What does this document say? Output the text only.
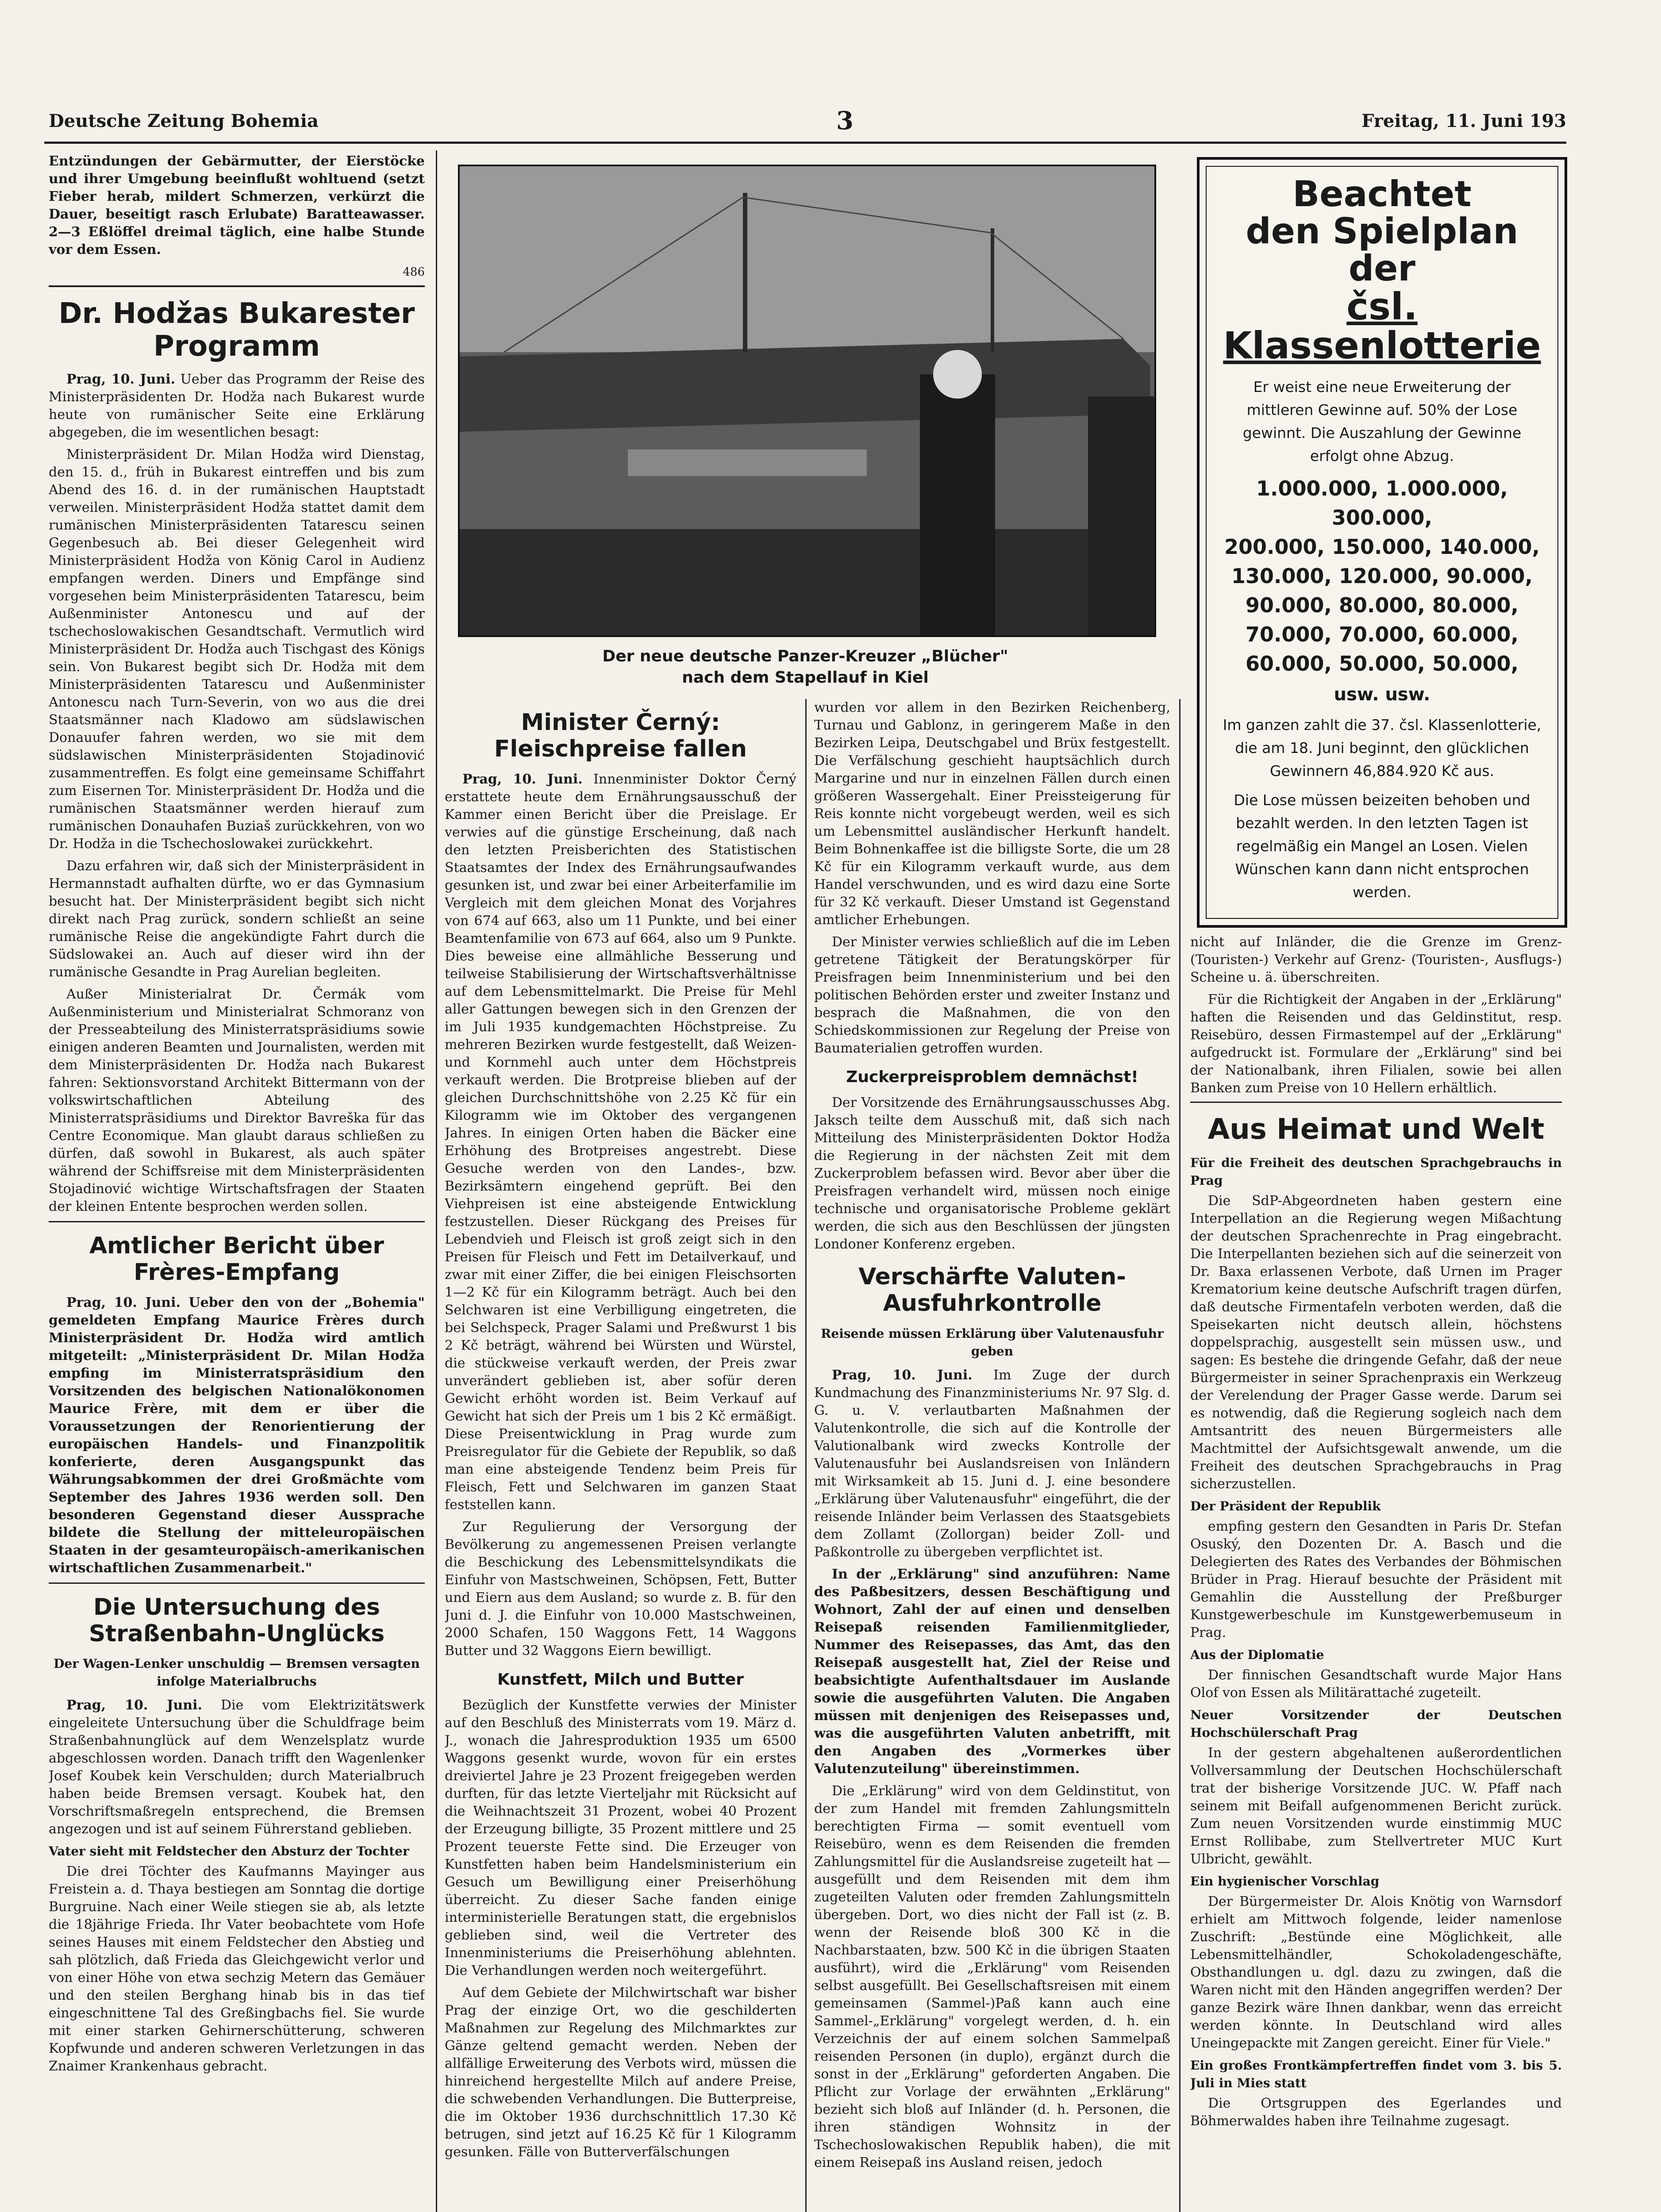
Deutsche Zeitung Bohemia	3	Freitag, 11. Juni 193

Entzündungen der Gebärmutter, der Eierstöcke und ihrer Umgebung beeinflußt wohltuend (setzt Fieber herab, mildert Schmerzen, verkürzt die Dauer, beseitigt rasch Erlubate) Baratteawasser. 2—3 Eßlöffel dreimal täglich, eine halbe Stunde vor dem Essen.

486
Dr. Hodžas Bukarester Programm

Prag, 10. Juni. Ueber das Programm der Reise des Ministerpräsidenten Dr. Hodža nach Bukarest wurde heute von rumänischer Seite eine Erklärung abgegeben, die im wesentlichen besagt:

Ministerpräsident Dr. Milan Hodža wird Dienstag, den 15. d., früh in Bukarest eintreffen und bis zum Abend des 16. d. in der rumänischen Hauptstadt verweilen. Ministerpräsident Hodža stattet damit dem rumänischen Ministerpräsidenten Tatarescu seinen Gegenbesuch ab. Bei dieser Gelegenheit wird Ministerpräsident Hodža von König Carol in Audienz empfangen werden. Diners und Empfänge sind vorgesehen beim Ministerpräsidenten Tatarescu, beim Außenminister Antonescu und auf der tschechoslowakischen Gesandtschaft. Vermutlich wird Ministerpräsident Dr. Hodža auch Tischgast des Königs sein. Von Bukarest begibt sich Dr. Hodža mit dem Ministerpräsidenten Tatarescu und Außenminister Antonescu nach Turn-Severin, von wo aus die drei Staatsmänner nach Kladowo am südslawischen Donauufer fahren werden, wo sie mit dem südslawischen Ministerpräsidenten Stojadinović zusammentreffen. Es folgt eine gemeinsame Schiffahrt zum Eisernen Tor. Ministerpräsident Dr. Hodža und die rumänischen Staatsmänner werden hierauf zum rumänischen Donauhafen Buziaš zurückkehren, von wo Dr. Hodža in die Tschechoslowakei zurückkehrt.

Dazu erfahren wir, daß sich der Ministerpräsident in Hermannstadt aufhalten dürfte, wo er das Gymnasium besucht hat. Der Ministerpräsident begibt sich nicht direkt nach Prag zurück, sondern schließt an seine rumänische Reise die angekündigte Fahrt durch die Südslowakei an. Auch auf dieser wird ihn der rumänische Gesandte in Prag Aurelian begleiten.

Außer Ministerialrat Dr. Čermák vom Außenministerium und Ministerialrat Schmoranz von der Presseabteilung des Ministerratspräsidiums sowie einigen anderen Beamten und Journalisten, werden mit dem Ministerpräsidenten Dr. Hodža nach Bukarest fahren: Sektionsvorstand Architekt Bittermann von der volkswirtschaftlichen Abteilung des Ministerratspräsidiums und Direktor Bavreška für das Centre Economique. Man glaubt daraus schließen zu dürfen, daß sowohl in Bukarest, als auch später während der Schiffsreise mit dem Ministerpräsidenten Stojadinović wichtige Wirtschaftsfragen der Staaten der kleinen Entente besprochen werden sollen.

Amtlicher Bericht über Frères-Empfang

Prag, 10. Juni. Ueber den von der „Bohemia" gemeldeten Empfang Maurice Frères durch Ministerpräsident Dr. Hodža wird amtlich mitgeteilt: „Ministerpräsident Dr. Milan Hodža empfing im Ministerratspräsidium den Vorsitzenden des belgischen Nationalökonomen Maurice Frère, mit dem er über die Voraussetzungen der Renorientierung der europäischen Handels- und Finanzpolitik konferierte, deren Ausgangspunkt das Währungsabkommen der drei Großmächte vom September des Jahres 1936 werden soll. Den besonderen Gegenstand dieser Aussprache bildete die Stellung der mitteleuropäischen Staaten in der gesamteuropäisch-amerikanischen wirtschaftlichen Zusammenarbeit."

Die Untersuchung des Straßenbahn-Unglücks
Der Wagen-Lenker unschuldig — Bremsen versagten infolge Materialbruchs

Prag, 10. Juni. Die vom Elektrizitätswerk eingeleitete Untersuchung über die Schuldfrage beim Straßenbahnunglück auf dem Wenzelsplatz wurde abgeschlossen worden. Danach trifft den Wagenlenker Josef Koubek kein Verschulden; durch Materialbruch haben beide Bremsen versagt. Koubek hat, den Vorschriftsmaßregeln entsprechend, die Bremsen angezogen und ist auf seinem Führerstand geblieben.

Vater sieht mit Feldstecher den Absturz der Tochter

Die drei Töchter des Kaufmanns Mayinger aus Freistein a. d. Thaya bestiegen am Sonntag die dortige Burgruine. Nach einer Weile stiegen sie ab, als letzte die 18jährige Frieda. Ihr Vater beobachtete vom Hofe seines Hauses mit einem Feldstecher den Abstieg und sah plötzlich, daß Frieda das Gleichgewicht verlor und von einer Höhe von etwa sechzig Metern das Gemäuer und den steilen Berghang hinab bis in das tief eingeschnittene Tal des Greßingbachs fiel. Sie wurde mit einer starken Gehirnerschütterung, schweren Kopfwunde und anderen schweren Verletzungen in das Znaimer Krankenhaus gebracht.

Der neue deutsche Panzer-Kreuzer „Blücher"
nach dem Stapellauf in Kiel
Minister Černý: Fleischpreise fallen

Prag, 10. Juni. Innenminister Doktor Černý erstattete heute dem Ernährungsausschuß der Kammer einen Bericht über die Preislage. Er verwies auf die günstige Erscheinung, daß nach den letzten Preisberichten des Statistischen Staatsamtes der Index des Ernährungsaufwandes gesunken ist, und zwar bei einer Arbeiterfamilie im Vergleich mit dem gleichen Monat des Vorjahres von 674 auf 663, also um 11 Punkte, und bei einer Beamtenfamilie von 673 auf 664, also um 9 Punkte. Dies beweise eine allmähliche Besserung und teilweise Stabilisierung der Wirtschaftsverhältnisse auf dem Lebensmittelmarkt. Die Preise für Mehl aller Gattungen bewegen sich in den Grenzen der im Juli 1935 kundgemachten Höchstpreise. Zu mehreren Bezirken wurde festgestellt, daß Weizen- und Kornmehl auch unter dem Höchstpreis verkauft werden. Die Brotpreise blieben auf der gleichen Durchschnittshöhe von 2.25 Kč für ein Kilogramm wie im Oktober des vergangenen Jahres. In einigen Orten haben die Bäcker eine Erhöhung des Brotpreises angestrebt. Diese Gesuche werden von den Landes-, bzw. Bezirksämtern eingehend geprüft. Bei den Viehpreisen ist eine absteigende Entwicklung festzustellen. Dieser Rückgang des Preises für Lebendvieh und Fleisch ist groß zeigt sich in den Preisen für Fleisch und Fett im Detailverkauf, und zwar mit einer Ziffer, die bei einigen Fleischsorten 1—2 Kč für ein Kilogramm beträgt. Auch bei den Selchwaren ist eine Verbilligung eingetreten, die bei Selchspeck, Prager Salami und Preßwurst 1 bis 2 Kč beträgt, während bei Würsten und Würstel, die stückweise verkauft werden, der Preis zwar unverändert geblieben ist, aber sofür deren Gewicht erhöht worden ist. Beim Verkauf auf Gewicht hat sich der Preis um 1 bis 2 Kč ermäßigt. Diese Preisentwicklung in Prag wurde zum Preisregulator für die Gebiete der Republik, so daß man eine absteigende Tendenz beim Preis für Fleisch, Fett und Selchwaren im ganzen Staat feststellen kann.

Zur Regulierung der Versorgung der Bevölkerung zu angemessenen Preisen verlangte die Beschickung des Lebensmittelsyndikats die Einfuhr von Mastschweinen, Schöpsen, Fett, Butter und Eiern aus dem Ausland; so wurde z. B. für den Juni d. J. die Einfuhr von 10.000 Mastschweinen, 2000 Schafen, 150 Waggons Fett, 14 Waggons Butter und 32 Waggons Eiern bewilligt.

Kunstfett, Milch und Butter

Bezüglich der Kunstfette verwies der Minister auf den Beschluß des Ministerrats vom 19. März d. J., wonach die Jahresproduktion 1935 um 6500 Waggons gesenkt wurde, wovon für ein erstes dreiviertel Jahre je 23 Prozent freigegeben werden durften, für das letzte Vierteljahr mit Rücksicht auf die Weihnachtszeit 31 Prozent, wobei 40 Prozent der Erzeugung billigte, 35 Prozent mittlere und 25 Prozent teuerste Fette sind. Die Erzeuger von Kunstfetten haben beim Handelsministerium ein Gesuch um Bewilligung einer Preiserhöhung überreicht. Zu dieser Sache fanden einige interministerielle Beratungen statt, die ergebnislos geblieben sind, weil die Vertreter des Innenministeriums die Preiserhöhung ablehnten. Die Verhandlungen werden noch weitergeführt.

Auf dem Gebiete der Milchwirtschaft war bisher Prag der einzige Ort, wo die geschilderten Maßnahmen zur Regelung des Milchmarktes zur Gänze geltend gemacht werden. Neben der allfällige Erweiterung des Verbots wird, müssen die hinreichend hergestellte Milch auf andere Preise, die schwebenden Verhandlungen. Die Butterpreise, die im Oktober 1936 durchschnittlich 17.30 Kč betrugen, sind jetzt auf 16.25 Kč für 1 Kilogramm gesunken. Fälle von Butterverfälschungen

wurden vor allem in den Bezirken Reichenberg, Turnau und Gablonz, in geringerem Maße in den Bezirken Leipa, Deutschgabel und Brüx festgestellt. Die Verfälschung geschieht hauptsächlich durch Margarine und nur in einzelnen Fällen durch einen größeren Wassergehalt. Einer Preissteigerung für Reis konnte nicht vorgebeugt werden, weil es sich um Lebensmittel ausländischer Herkunft handelt. Beim Bohnenkaffee ist die billigste Sorte, die um 28 Kč für ein Kilogramm verkauft wurde, aus dem Handel verschwunden, und es wird dazu eine Sorte für 32 Kč verkauft. Dieser Umstand ist Gegenstand amtlicher Erhebungen.

Der Minister verwies schließlich auf die im Leben getretene Tätigkeit der Beratungskörper für Preisfragen beim Innenministerium und bei den politischen Behörden erster und zweiter Instanz und besprach die Maßnahmen, die von den Schiedskommissionen zur Regelung der Preise von Baumaterialien getroffen wurden.

Zuckerpreisproblem demnächst!

Der Vorsitzende des Ernährungsausschusses Abg. Jaksch teilte dem Ausschuß mit, daß sich nach Mitteilung des Ministerpräsidenten Doktor Hodža die Regierung in der nächsten Zeit mit dem Zuckerproblem befassen wird. Bevor aber über die Preisfragen verhandelt wird, müssen noch einige technische und organisatorische Probleme geklärt werden, die sich aus den Beschlüssen der jüngsten Londoner Konferenz ergeben.

Verschärfte Valuten-Ausfuhrkontrolle
Reisende müssen Erklärung über Valutenausfuhr geben

Prag, 10. Juni. Im Zuge der durch Kundmachung des Finanzministeriums Nr. 97 Slg. d. G. u. V. verlautbarten Maßnahmen der Valutenkontrolle, die sich auf die Kontrolle der Valutionalbank wird zwecks Kontrolle der Valutenausfuhr bei Auslandsreisen von Inländern mit Wirksamkeit ab 15. Juni d. J. eine besondere „Erklärung über Valutenausfuhr" eingeführt, die der reisende Inländer beim Verlassen des Staatsgebiets dem Zollamt (Zollorgan) beider Zoll- und Paßkontrolle zu übergeben verpflichtet ist.

In der „Erklärung" sind anzuführen: Name des Paßbesitzers, dessen Beschäftigung und Wohnort, Zahl der auf einen und denselben Reisepaß reisenden Familienmitglieder, Nummer des Reisepasses, das Amt, das den Reisepaß ausgestellt hat, Ziel der Reise und beabsichtigte Aufenthaltsdauer im Auslande sowie die ausgeführten Valuten. Die Angaben müssen mit denjenigen des Reisepasses und, was die ausgeführten Valuten anbetrifft, mit den Angaben des „Vormerkes über Valutenzuteilung" übereinstimmen.

Die „Erklärung" wird von dem Geldinstitut, von der zum Handel mit fremden Zahlungsmitteln berechtigten Firma — somit eventuell vom Reisebüro, wenn es dem Reisenden die fremden Zahlungsmittel für die Auslandsreise zugeteilt hat — ausgefüllt und dem Reisenden mit dem ihm zugeteilten Valuten oder fremden Zahlungsmitteln übergeben. Dort, wo dies nicht der Fall ist (z. B. wenn der Reisende bloß 300 Kč in die Nachbarstaaten, bzw. 500 Kč in die übrigen Staaten ausführt), wird die „Erklärung" vom Reisenden selbst ausgefüllt. Bei Gesellschaftsreisen mit einem gemeinsamen (Sammel-)Paß kann auch eine Sammel-„Erklärung" vorgelegt werden, d. h. ein Verzeichnis der auf einem solchen Sammelpaß reisenden Personen (in duplo), ergänzt durch die sonst in der „Erklärung" geforderten Angaben. Die Pflicht zur Vorlage der erwähnten „Erklärung" bezieht sich bloß auf Inländer (d. h. Personen, die ihren ständigen Wohnsitz in der Tschechoslowakischen Republik haben), die mit einem Reisepaß ins Ausland reisen, jedoch

Beachtet
den Spielplan der
čsl. Klassenlotterie
Er weist eine neue Erweiterung der mittleren Gewinne auf. 50% der Lose gewinnt. Die Auszahlung der Gewinne erfolgt ohne Abzug.
1.000.000, 1.000.000, 300.000,
200.000, 150.000, 140.000,
130.000, 120.000, 90.000,
90.000, 80.000, 80.000,
70.000, 70.000, 60.000,
60.000, 50.000, 50.000,
usw. usw.
Im ganzen zahlt die 37. čsl. Klassenlotterie, die am 18. Juni beginnt, den glücklichen Gewinnern 46,884.920 Kč aus.
Die Lose müssen beizeiten behoben und bezahlt werden. In den letzten Tagen ist regelmäßig ein Mangel an Losen. Vielen Wünschen kann dann nicht entsprochen werden.

nicht auf Inländer, die die Grenze im Grenz- (Touristen-) Verkehr auf Grenz- (Touristen-, Ausflugs-) Scheine u. ä. überschreiten.

Für die Richtigkeit der Angaben in der „Erklärung" haften die Reisenden und das Geldinstitut, resp. Reisebüro, dessen Firmastempel auf der „Erklärung" aufgedruckt ist. Formulare der „Erklärung" sind bei der Nationalbank, ihren Filialen, sowie bei allen Banken zum Preise von 10 Hellern erhältlich.

Aus Heimat und Welt
Für die Freiheit des deutschen Sprachgebrauchs in Prag

Die SdP-Abgeordneten haben gestern eine Interpellation an die Regierung wegen Mißachtung der deutschen Sprachenrechte in Prag eingebracht. Die Interpellanten beziehen sich auf die seinerzeit von Dr. Baxa erlassenen Verbote, daß Urnen im Prager Krematorium keine deutsche Aufschrift tragen dürfen, daß deutsche Firmentafeln verboten werden, daß die Speisekarten nicht deutsch allein, höchstens doppelsprachig, ausgestellt sein müssen usw., und sagen: Es bestehe die dringende Gefahr, daß der neue Bürgermeister in seiner Sprachenpraxis ein Werkzeug der Verelendung der Prager Gasse werde. Darum sei es notwendig, daß die Regierung sogleich nach dem Amtsantritt des neuen Bürgermeisters alle Machtmittel der Aufsichtsgewalt anwende, um die Freiheit des deutschen Sprachgebrauchs in Prag sicherzustellen.

Der Präsident der Republik

empfing gestern den Gesandten in Paris Dr. Stefan Osuský, den Dozenten Dr. A. Basch und die Delegierten des Rates des Verbandes der Böhmischen Brüder in Prag. Hierauf besuchte der Präsident mit Gemahlin die Ausstellung der Preßburger Kunstgewerbeschule im Kunstgewerbemuseum in Prag.

Aus der Diplomatie

Der finnischen Gesandtschaft wurde Major Hans Olof von Essen als Militärattaché zugeteilt.

Neuer Vorsitzender der Deutschen Hochschülerschaft Prag

In der gestern abgehaltenen außerordentlichen Vollversammlung der Deutschen Hochschülerschaft trat der bisherige Vorsitzende JUC. W. Pfaff nach seinem mit Beifall aufgenommenen Bericht zurück. Zum neuen Vorsitzenden wurde einstimmig MUC Ernst Rollibabe, zum Stellvertreter MUC Kurt Ulbricht, gewählt.

Ein hygienischer Vorschlag

Der Bürgermeister Dr. Alois Knötig von Warnsdorf erhielt am Mittwoch folgende, leider namenlose Zuschrift: „Bestünde eine Möglichkeit, alle Lebensmittelhändler, Schokoladengeschäfte, Obsthandlungen u. dgl. dazu zu zwingen, daß die Waren nicht mit den Händen angegriffen werden? Der ganze Bezirk wäre Ihnen dankbar, wenn das erreicht werden könnte. In Deutschland wird alles Uneingepackte mit Zangen gereicht. Einer für Viele."

Ein großes Frontkämpfertreffen findet vom 3. bis 5. Juli in Mies statt

Die Ortsgruppen des Egerlandes und Böhmerwaldes haben ihre Teilnahme zugesagt.
